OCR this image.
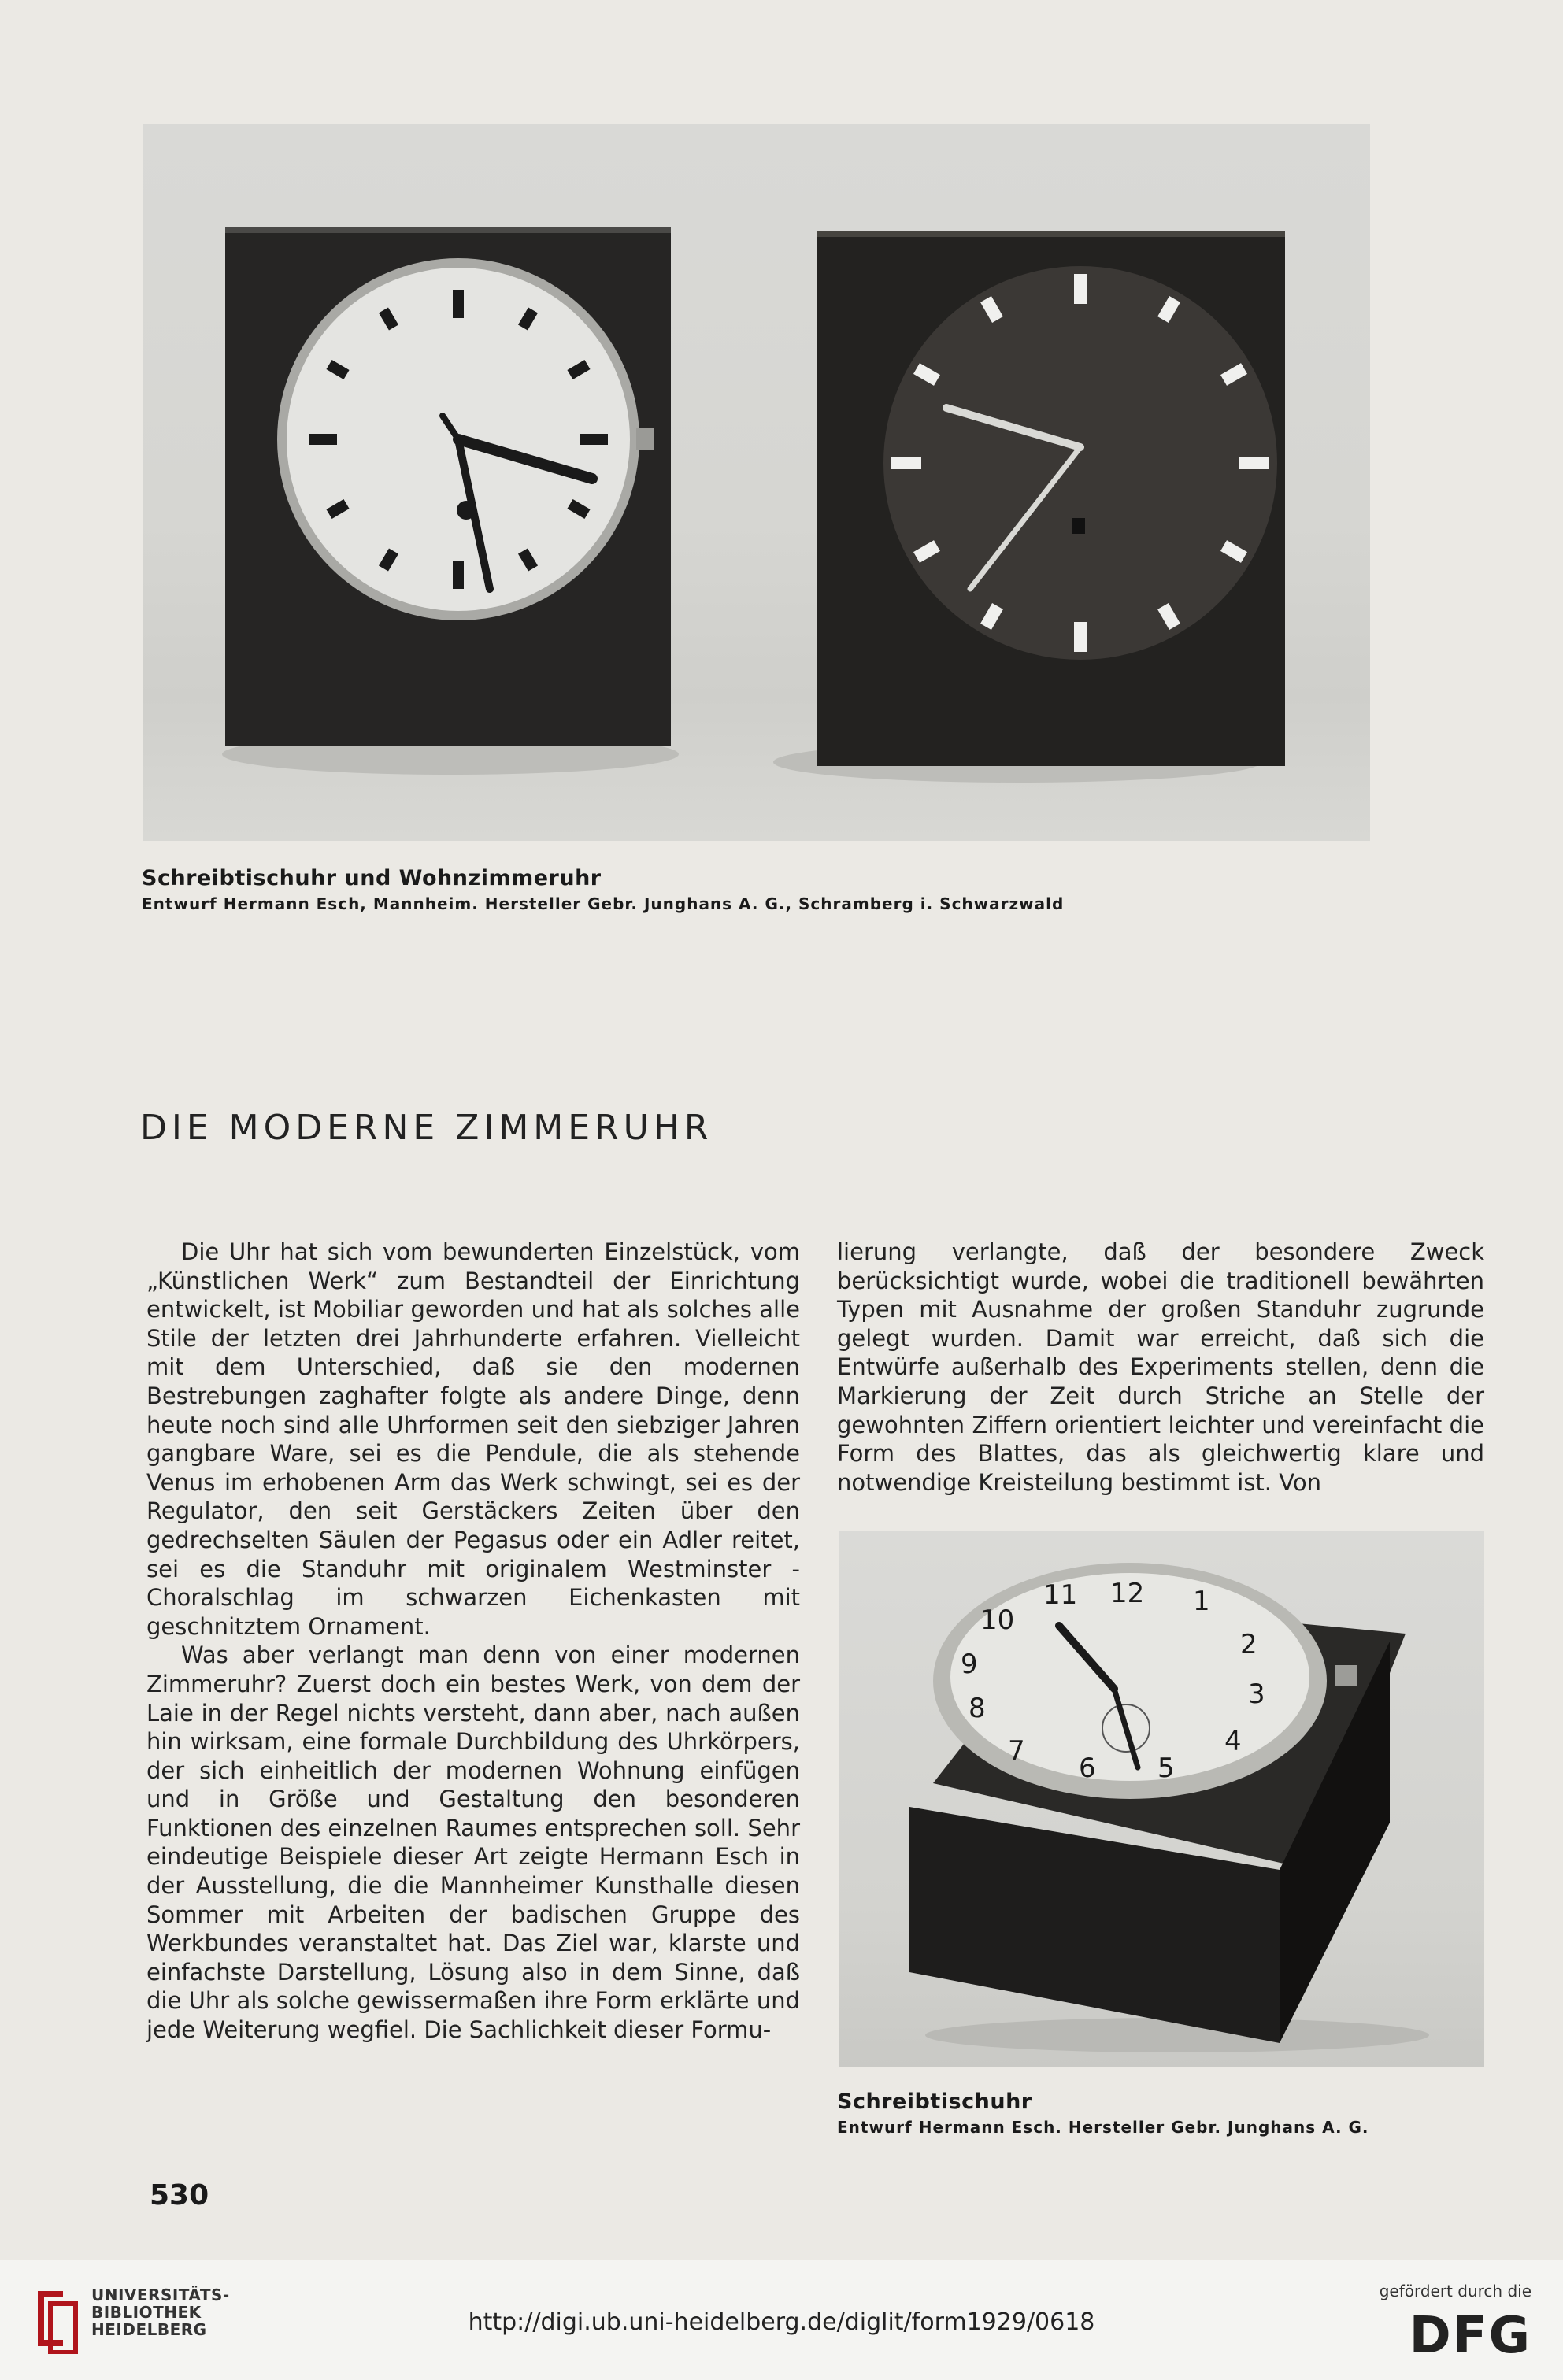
Schreibtischuhr und Wohnzimmeruhr
Entwurf Hermann Esch, Mannheim. Hersteller Gebr. Junghans A. G., Schramberg i. Schwarzwald
DIE MODERNE ZIMMERUHR

Die Uhr hat sich vom bewunderten Einzelstück, vom „Künstlichen Werk“ zum Bestandteil der Einrichtung entwickelt, ist Mobiliar geworden und hat als solches alle Stile der letzten drei Jahrhunderte erfahren. Vielleicht mit dem Unterschied, daß sie den modernen Bestrebungen zaghafter folgte als andere Dinge, denn heute noch sind alle Uhrformen seit den siebziger Jahren gangbare Ware, sei es die Pendule, die als stehende Venus im erhobenen Arm das Werk schwingt, sei es der Regulator, den seit Gerstäckers Zeiten über den gedrechselten Säulen der Pegasus oder ein Adler reitet, sei es die Standuhr mit originalem Westminster - Choralschlag im schwarzen Eichenkasten mit geschnitztem Ornament.

Was aber verlangt man denn von einer modernen Zimmeruhr? Zuerst doch ein bestes Werk, von dem der Laie in der Regel nichts versteht, dann aber, nach außen hin wirksam, eine formale Durchbildung des Uhrkörpers, der sich einheitlich der modernen Wohnung einfügen und in Größe und Gestaltung den besonderen Funktionen des einzelnen Raumes entsprechen soll. Sehr eindeutige Beispiele dieser Art zeigte Hermann Esch in der Ausstellung, die die Mannheimer Kunsthalle diesen Sommer mit Arbeiten der badischen Gruppe des Werkbundes veranstaltet hat. Das Ziel war, klarste und einfachste Darstellung, Lösung also in dem Sinne, daß die Uhr als solche gewissermaßen ihre Form erklärte und jede Weiterung wegfiel. Die Sachlichkeit dieser Formu-

lierung verlangte, daß der besondere Zweck berücksichtigt wurde, wobei die traditionell bewährten Typen mit Ausnahme der großen Standuhr zugrunde gelegt wurden. Damit war erreicht, daß sich die Entwürfe außerhalb des Experiments stellen, denn die Markierung der Zeit durch Striche an Stelle der gewohnten Ziffern orientiert leichter und vereinfacht die Form des Blattes, das als gleichwertig klare und notwendige Kreisteilung bestimmt ist. Von

12 1
2
3
4
5
6
7
8
9
10
11
Schreibtischuhr
Entwurf Hermann Esch. Hersteller Gebr. Junghans A. G.
530
UNIVERSITÄTS-
BIBLIOTHEK
HEIDELBERG	http://digi.ub.uni-heidelberg.de/diglit/form1929/0618
gefördert durch die
DFG
